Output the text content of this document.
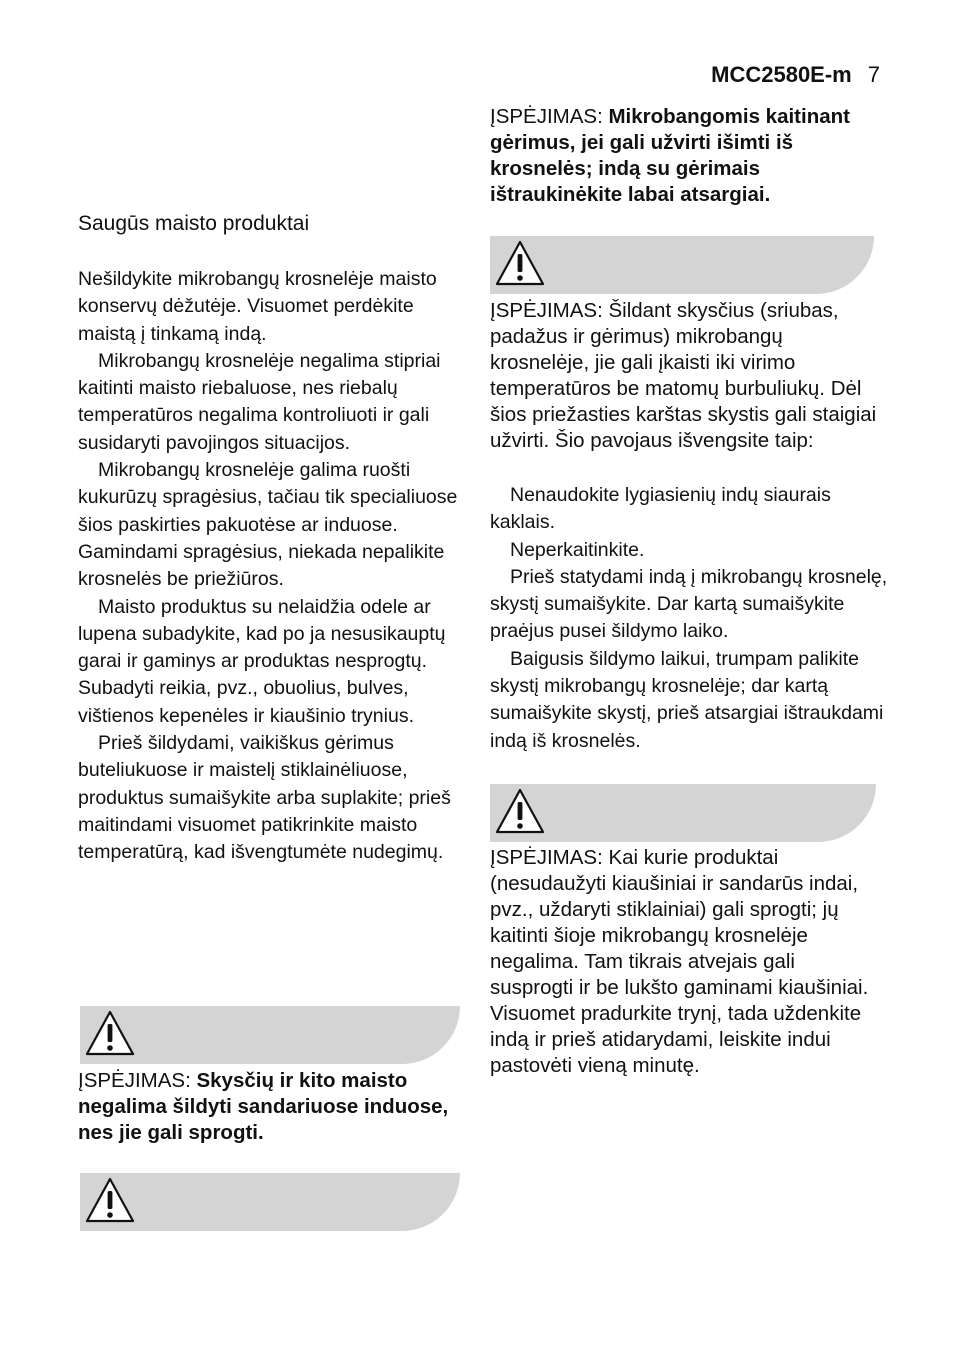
MCC2580E-m 7
Saugūs maisto produktai

Nešildykite mikrobangų krosnelėje maisto konservų dėžutėje. Visuomet perdėkite maistą į tinkamą indą.

Mikrobangų krosnelėje negalima stipriai kaitinti maisto riebaluose, nes riebalų temperatūros negalima kontroliuoti ir gali susidaryti pavojingos situacijos.

Mikrobangų krosnelėje galima ruošti kukurūzų spragėsius, tačiau tik specialiuose šios paskirties pakuotėse ar induose. Gamindami spragėsius, niekada nepalikite krosnelės be priežiūros.

Maisto produktus su nelaidžia odele ar lupena subadykite, kad po ja nesusikauptų garai ir gaminys ar produktas nesprogtų. Subadyti reikia, pvz., obuolius, bulves, vištienos kepenėles ir kiaušinio trynius.

Prieš šildydami, vaikiškus gėrimus buteliukuose ir maistelį stiklainėliuose, produktus sumaišykite arba suplakite; prieš maitindami visuomet patikrinkite maisto temperatūrą, kad išvengtumėte nudegimų.

ĮSPĖJIMAS: Skysčių ir kito maisto negalima šildyti sandariuose induose, nes jie gali sprogti.
ĮSPĖJIMAS: Mikrobangomis kaitinant gėrimus, jei gali užvirti išimti iš krosnelės; indą su gėrimais ištraukinėkite labai atsargiai.
ĮSPĖJIMAS: Šildant skysčius (sriubas, padažus ir gėrimus) mikrobangų krosnelėje, jie gali įkaisti iki virimo temperatūros be matomų burbuliukų. Dėl šios priežasties karštas skystis gali staigiai užvirti. Šio pavojaus išvengsite taip:

Nenaudokite lygiasienių indų siaurais kaklais.

Neperkaitinkite.

Prieš statydami indą į mikrobangų krosnelę, skystį sumaišykite. Dar kartą sumaišykite praėjus pusei šildymo laiko.

Baigusis šildymo laikui, trumpam palikite skystį mikrobangų krosnelėje; dar kartą sumaišykite skystį, prieš atsargiai ištraukdami indą iš krosnelės.

ĮSPĖJIMAS: Kai kurie produktai (nesudaužyti kiaušiniai ir sandarūs indai, pvz., uždaryti stiklainiai) gali sprogti; jų kaitinti šioje mikrobangų krosnelėje negalima. Tam tikrais atvejais gali susprogti ir be lukšto gaminami kiaušiniai. Visuomet pradurkite trynį, tada uždenkite indą ir prieš atidarydami, leiskite indui pastovėti vieną minutę.
